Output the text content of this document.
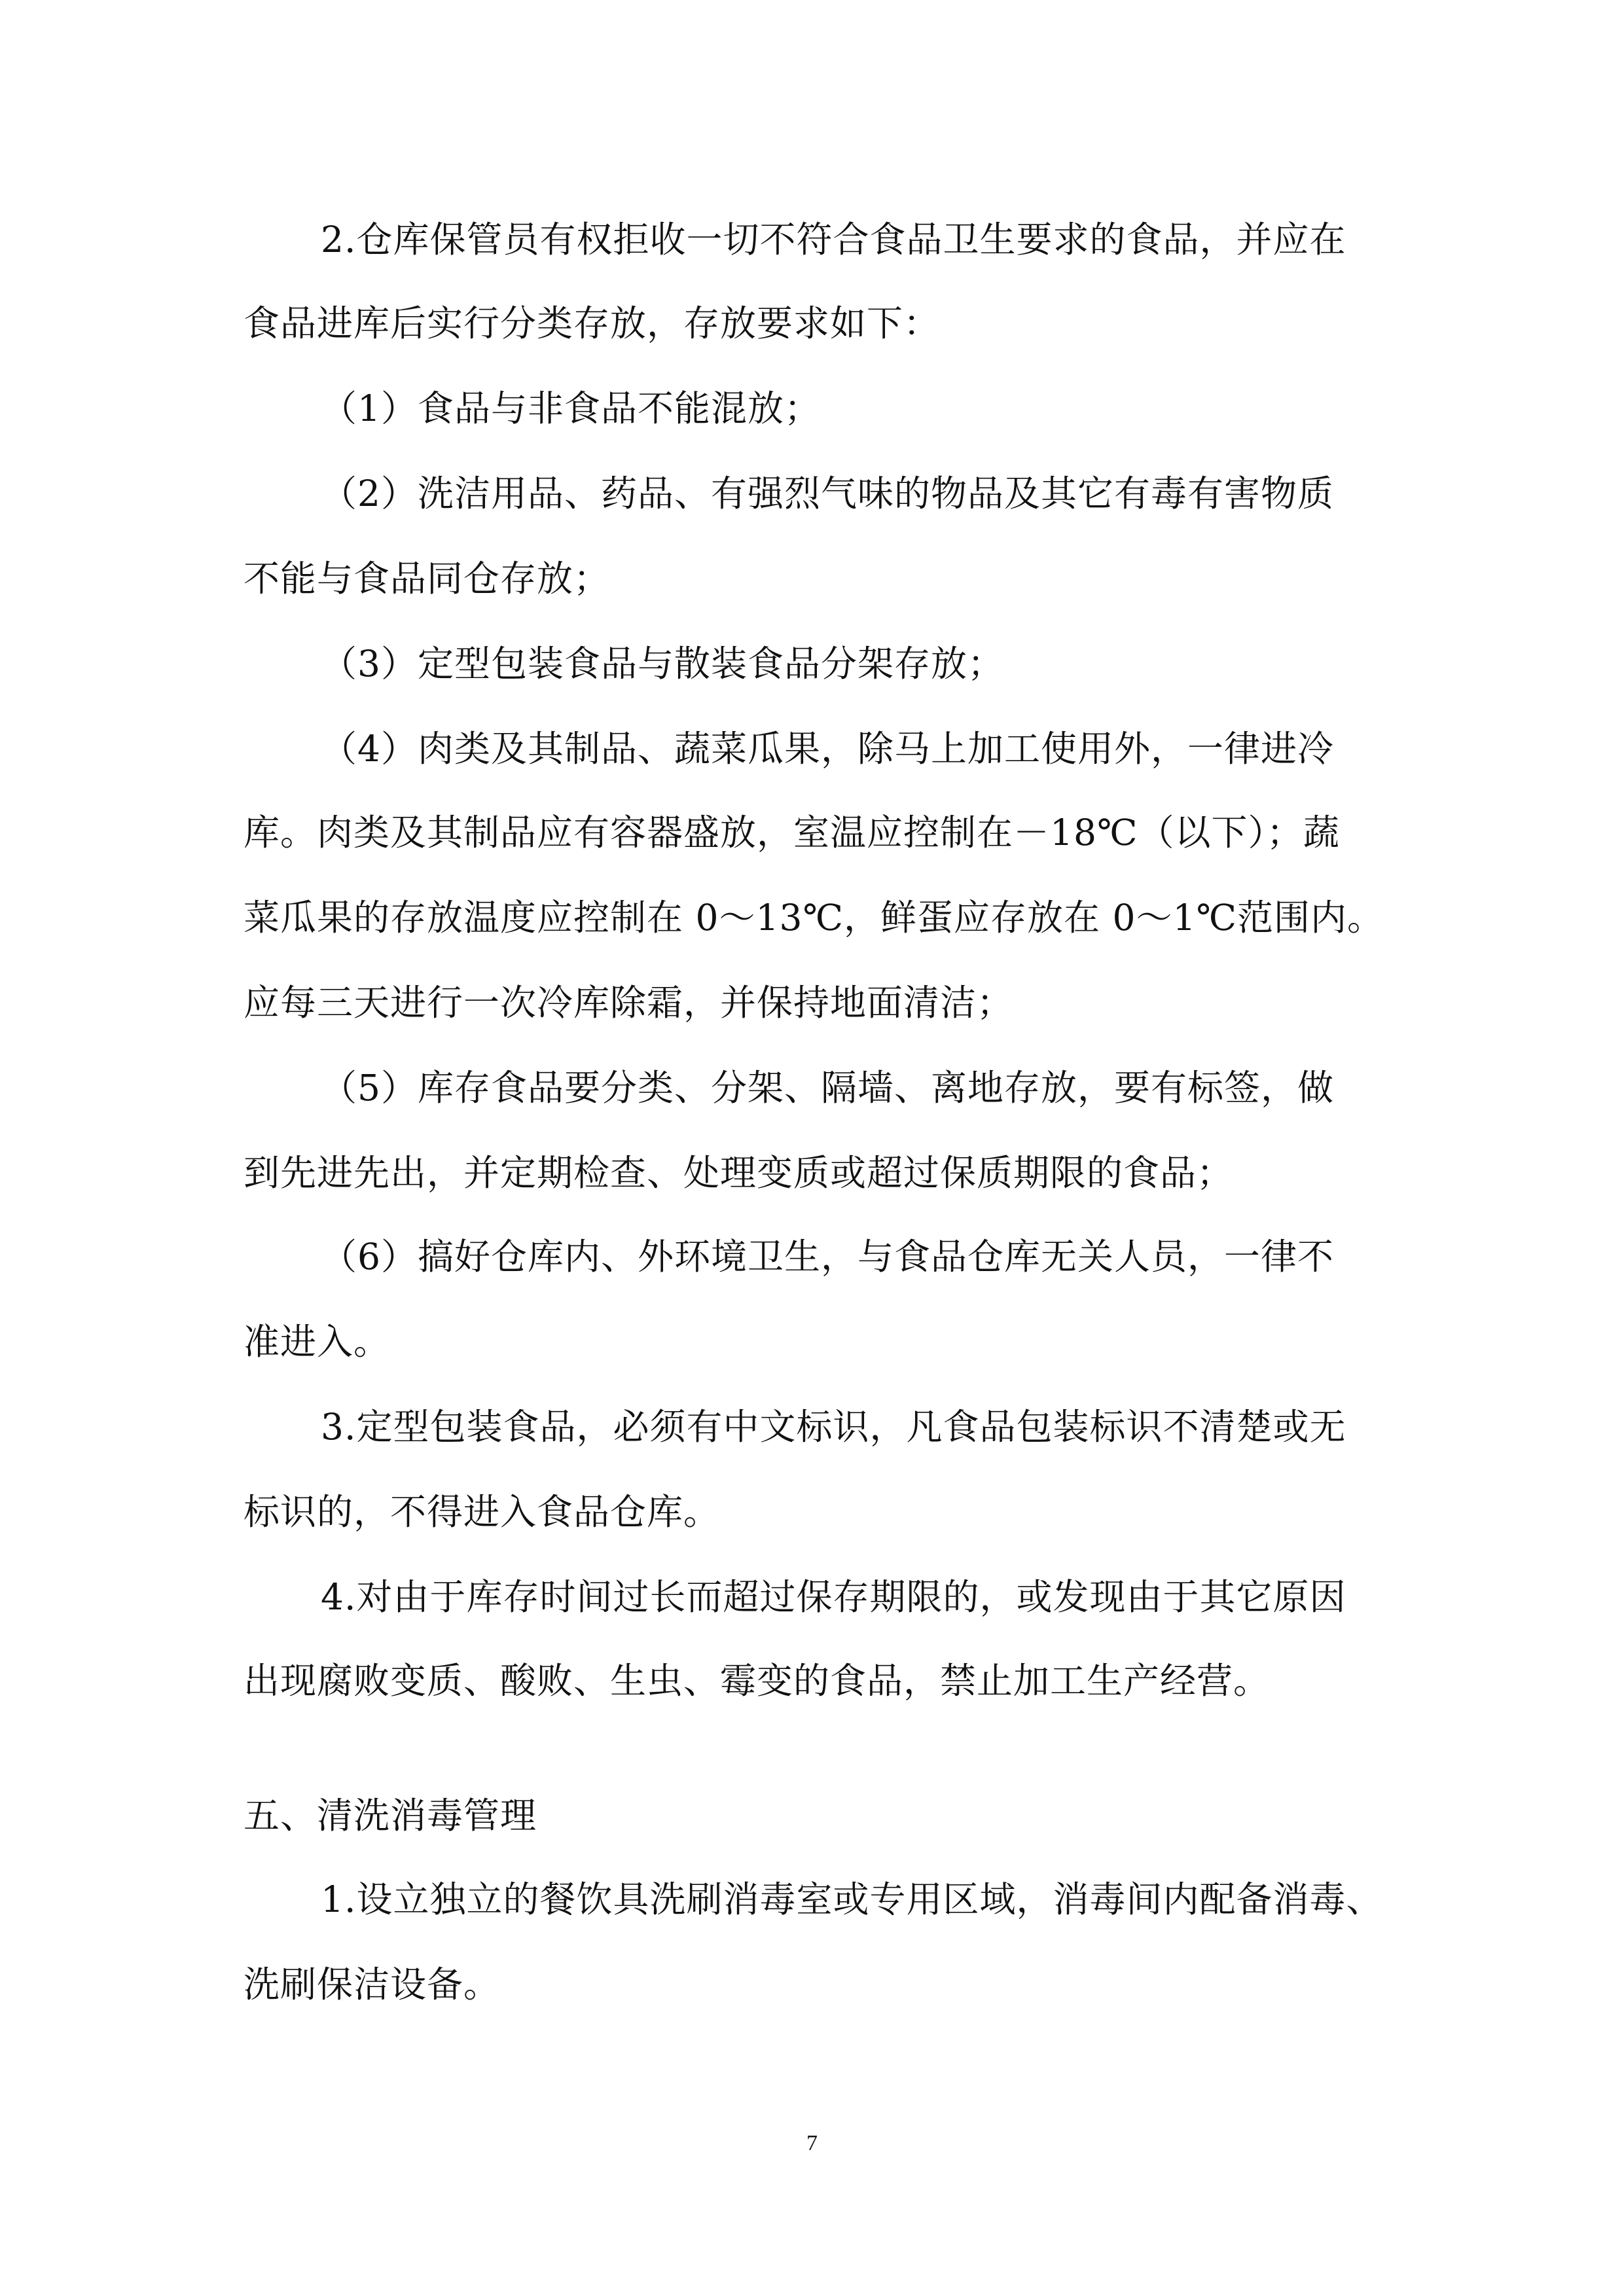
2.仓库保管员有权拒收一切不符合食品卫生要求的食品，并应在
食品进库后实行分类存放，存放要求如下：
（1）食品与非食品不能混放；
（2）洗洁用品、药品、有强烈气味的物品及其它有毒有害物质
不能与食品同仓存放；
（3）定型包装食品与散装食品分架存放；
（4）肉类及其制品、蔬菜瓜果，除马上加工使用外，一律进冷
库。肉类及其制品应有容器盛放，室温应控制在－18℃（以下）；蔬
菜瓜果的存放温度应控制在 0～13℃，鲜蛋应存放在 0～1℃范围内。
应每三天进行一次冷库除霜，并保持地面清洁；
（5）库存食品要分类、分架、隔墙、离地存放，要有标签，做
到先进先出，并定期检查、处理变质或超过保质期限的食品；
（6）搞好仓库内、外环境卫生，与食品仓库无关人员，一律不
准进入。
3.定型包装食品，必须有中文标识，凡食品包装标识不清楚或无
标识的，不得进入食品仓库。
4.对由于库存时间过长而超过保存期限的，或发现由于其它原因
出现腐败变质、酸败、生虫、霉变的食品，禁止加工生产经营。
五、清洗消毒管理
1.设立独立的餐饮具洗刷消毒室或专用区域，消毒间内配备消毒、
洗刷保洁设备。
7
